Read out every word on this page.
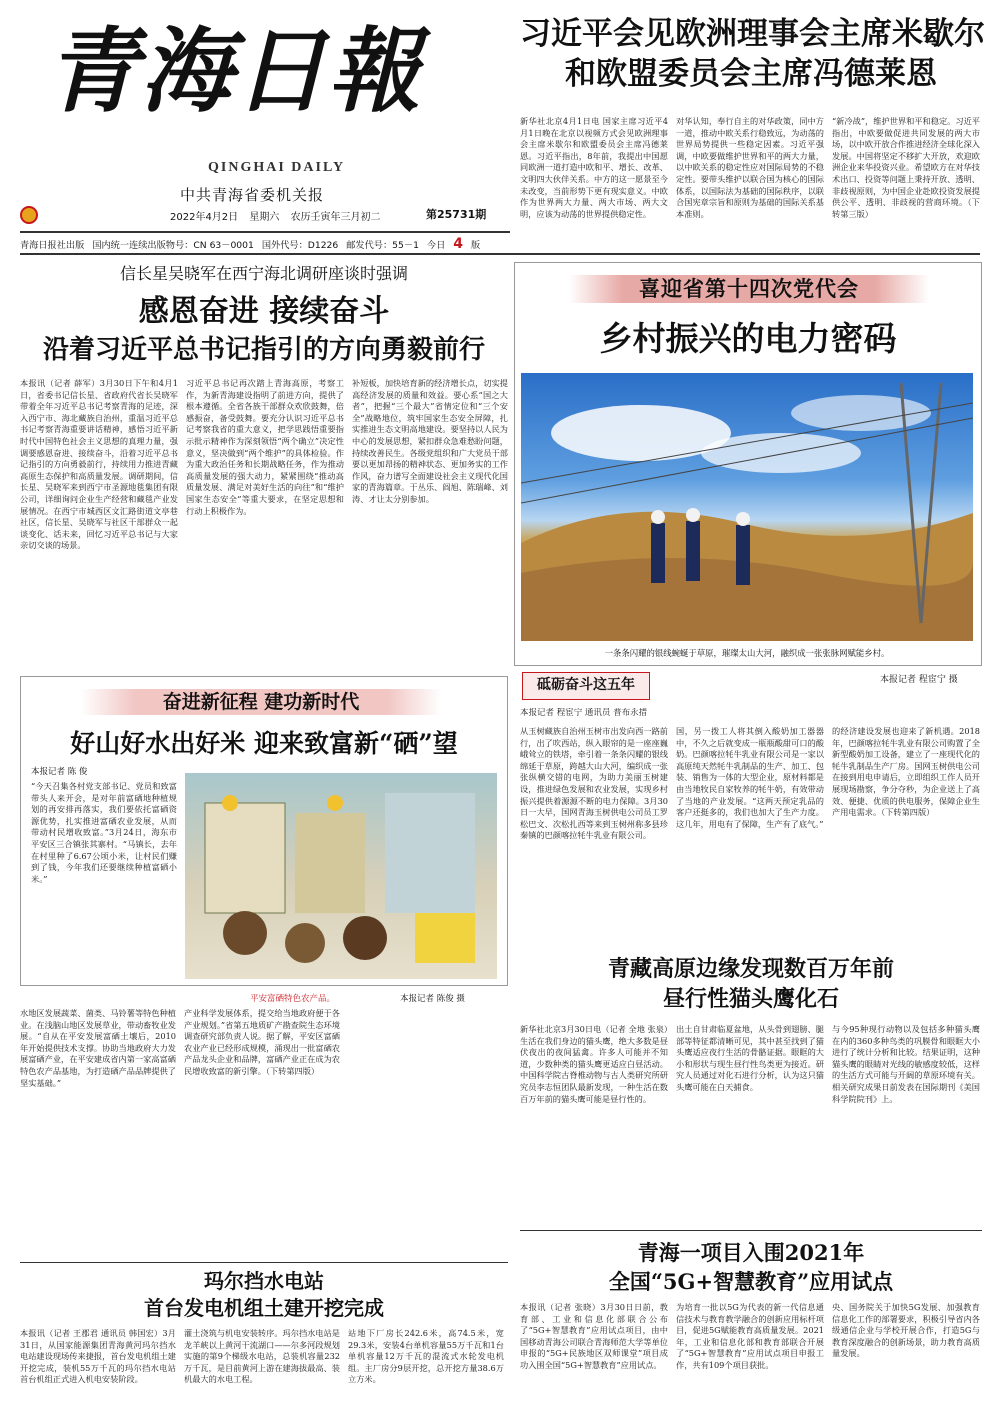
青海日報
QINGHAI DAILY
中共青海省委机关报
第25731期
2022年4月2日 星期六 农历壬寅年三月初二
青海日报社出版 国内统一连续出版物号：CN 63－0001 国外代号：D1226 邮发代号：55－1 今日 4 版
习近平会见欧洲理事会主席米歇尔
和欧盟委员会主席冯德莱恩
新华社北京4月1日电 国家主席习近平4月1日晚在北京以视频方式会见欧洲理事会主席米歇尔和欧盟委员会主席冯德莱恩。习近平指出，8年前，我提出中国愿同欧洲一道打造中欧和平、增长、改革、文明四大伙伴关系。中方的这一愿景至今未改变，当前形势下更有现实意义。中欧作为世界两大力量、两大市场、两大文明，应该为动荡的世界提供稳定性。
对华认知，奉行自主的对华政策，同中方一道，推动中欧关系行稳致远，为动荡的世界局势提供一些稳定因素。习近平强调，中欧要做维护世界和平的两大力量，以中欧关系的稳定性应对国际局势的不稳定性。要带头维护以联合国为核心的国际体系，以国际法为基础的国际秩序，以联合国宪章宗旨和原则为基础的国际关系基本准则。
“新冷战”，维护世界和平和稳定。习近平指出，中欧要做促进共同发展的两大市场，以中欧开放合作推进经济全球化深入发展。中国将坚定不移扩大开放，欢迎欧洲企业来华投资兴业。希望欧方在对华技术出口、投资等问题上秉持开放、透明、非歧视原则，为中国企业赴欧投资发展提供公平、透明、非歧视的营商环境。（下转第三版）
信长星吴晓军在西宁海北调研座谈时强调
感恩奋进 接续奋斗
沿着习近平总书记指引的方向勇毅前行
本报讯（记者 薛军）3月30日下午和4月1日，省委书记信长星、省政府代省长吴晓军带着全年习近平总书记考察青海的足迹，深入西宁市、海北藏族自治州，重温习近平总书记考察青海重要讲话精神，感悟习近平新时代中国特色社会主义思想的真理力量，强调要感恩奋进、接续奋斗，沿着习近平总书记指引的方向勇毅前行，持续用力推进青藏高原生态保护和高质量发展。调研期间，信长星、吴晓军来到西宁市圣源地毯集团有限公司，详细询问企业生产经营和藏毯产业发展情况。在西宁市城西区文汇路街道文亭巷社区，信长星、吴晓军与社区干部群众一起谈变化、话未来，回忆习近平总书记与大家亲切交谈的场景。
习近平总书记再次踏上青海高原，考察工作，为新青海建设指明了前进方向，提供了根本遵循。全省各族干部群众欢欣鼓舞，倍感振奋，备受鼓舞。要充分认识习近平总书记考察我省的重大意义，把学思践悟重要指示批示精神作为深刻领悟“两个确立”决定性意义，坚决做到“两个维护”的具体检验。作为重大政治任务和长期战略任务，作为推动高质量发展的强大动力，紧紧围绕“推动高质量发展、满足对美好生活的向往”和“维护国家生态安全”等重大要求，在坚定思想和行动上积极作为。
补短板，加快培育新的经济增长点，切实提高经济发展的质量和效益。要心系“国之大者”，把握“三个最大”省情定位和“三个安全”战略地位，筑牢国家生态安全屏障，扎实推进生态文明高地建设。要坚持以人民为中心的发展思想，紧扣群众急难愁盼问题，持续改善民生。各级党组织和广大党员干部要以更加昂扬的精神状态、更加务实的工作作风，奋力谱写全面建设社会主义现代化国家的青海篇章。于丛乐、阎旭、陈瑞峰、刘涛、才让太分别参加。
喜迎省第十四次党代会
乡村振兴的电力密码
一条条闪耀的银线蜿蜒于草原，璀璨太山大河，融织成一张张脉网赋能乡村。
本报记者 程宦宁 摄
砥砺奋斗这五年
本报记者 程宦宁 通讯员 普布永措
从玉树藏族自治州玉树市出发向西一路前行，出了吹西站，纵入眼帘的是一座座巍峨耸立的铁塔，牵引着一条条闪耀的银线绵延于草原，跨越大山大河，编织成一张张纵横交错的电网，为助力美丽玉树建设，推进绿色发展和农业发展，实现乡村振兴提供着源源不断的电力保障。3月30日一大早，国网青海玉树供电公司员工罗松巴文、次松扎西等来到玉树州称多县珍秦镇的巴颜喀拉牦牛乳业有限公司。
国，另一拨工人将其倒入酸奶加工器器中，不久之后就变成一瓶瓶酸甜可口的酸奶。巴颜喀拉牦牛乳业有限公司是一家以高原纯天然牦牛乳制品的生产、加工、包装、销售为一体的大型企业，原材料都是由当地牧民自家牧养的牦牛奶，有效带动了当地的产业发展。“这两天预定乳品的客户还挺多的，我们也加大了生产力度。这几年，用电有了保障，生产有了底气。”
的经济建设发展也迎来了新机遇。2018年，巴颜喀拉牦牛乳业有限公司购置了全新型酸奶加工设备，建立了一座现代化的牦牛乳制品生产厂房。国网玉树供电公司在接到用电申请后，立即组织工作人员开展现场勘察，争分夺秒，为企业送上了高效、便捷、优质的供电服务，保障企业生产用电需求。（下转第四版）
奋进新征程 建功新时代
好山好水出好米 迎来致富新“硒”望
本报记者 陈 俊
“今天召集各村党支部书记、党员和致富带头人来开会，是对年前富硒地种植规划的再安排再落实，我们要依托富硒资源优势，扎实推进富硒农业发展，从而带动村民增收致富。”3月24日，海东市平安区三合镇张其寨村。“马镇长，去年在村里种了6.67公顷小米，让村民们赚到了钱，今年我们还要继续种植富硒小米。”
平安富硒特色农产品。	本报记者 陈俊 摄
水地区发展蔬菜、菌类、马铃薯等特色种植业。在浅脑山地区发展草业，带动畜牧业发展。“自从在平安发展富硒土壤后，2010年开始提供技术支撑。协助当地政府大力发展富硒产业，在平安建成省内第一家高富硒特色农产品基地，为打造硒产品品牌提供了坚实基础。”
产业科学发展体系，提交给当地政府便于各产业规划。”省第五地质矿产勘查院生态环境调查研究部负责人说。据了解，平安区富硒农业产业已经形成规模，涌现出一批富硒农产品龙头企业和品牌，富硒产业正在成为农民增收致富的新引擎。（下转第四版）
青藏高原边缘发现数百万年前
昼行性猫头鹰化石
新华社北京3月30日电（记者 全地 张泉）生活在我们身边的猫头鹰，绝大多数是昼伏夜出的夜间猛禽。许多人可能并不知道，少数种类的猫头鹰更适应白昼活动。中国科学院古脊椎动物与古人类研究所研究员李志恒团队最新发现，一种生活在数百万年前的猫头鹰可能是昼行性的。
出土自甘肃临夏盆地，从头骨到翅膀、腿部等特征都清晰可见，其中甚至找到了猫头鹰适应夜行生活的骨骼证据。眼眶的大小和形状与现生昼行性鸟类更为接近。研究人员通过对化石进行分析，认为这只猫头鹰可能在白天捕食。
与今95种现行动物以及包括多种猫头鹰在内的360多种鸟类的巩膜骨和眼眶大小进行了统计分析和比较。结果证明，这种猫头鹰的眼睛对光线的敏感度较低，这样的生活方式可能与开阔的草原环境有关。相关研究成果日前发表在国际期刊《美国科学院院刊》上。
玛尔挡水电站
首台发电机组土建开挖完成
本报讯（记者 王郡君 通讯员 韩国宏）3月31日，从国家能源集团青海黄河玛尔挡水电站建设现场传来捷报，首台发电机组土建开挖完成，装机55万千瓦的玛尔挡水电站首台机组正式进入机电安装阶段。
灌土浇筑与机电安装转序。玛尔挡水电站是龙羊峡以上黄河干流湖口——尔多河段规划实施的第9个梯级水电站，总装机容量232万千瓦，是目前黄河上游在建海拔最高、装机最大的水电工程。
站地下厂房长242.6米，高74.5米，宽29.3米，安装4台单机容量55万千瓦和1台单机容量12万千瓦的混流式水轮发电机组。主厂房分9层开挖，总开挖方量38.6万立方米。
青海一项目入围2021年
全国“5G+智慧教育”应用试点
本报讯（记者 张晓）3月30日日前，教育部、工业和信息化部联合公布了“5G+智慧教育”应用试点项目，由中国移动青海公司联合青海师范大学等单位申报的“5G+民族地区双师课堂”项目成功入围全国“5G+智慧教育”应用试点。
为培育一批以5G为代表的新一代信息通信技术与教育教学融合的创新应用标杆项目，促进5G赋能教育高质量发展。2021年，工业和信息化部和教育部联合开展了“5G+智慧教育”应用试点项目申报工作，共有109个项目获批。
央、国务院关于加快5G发展、加强教育信息化工作的部署要求，积极引导省内各级通信企业与学校开展合作，打造5G与教育深度融合的创新场景，助力教育高质量发展。
